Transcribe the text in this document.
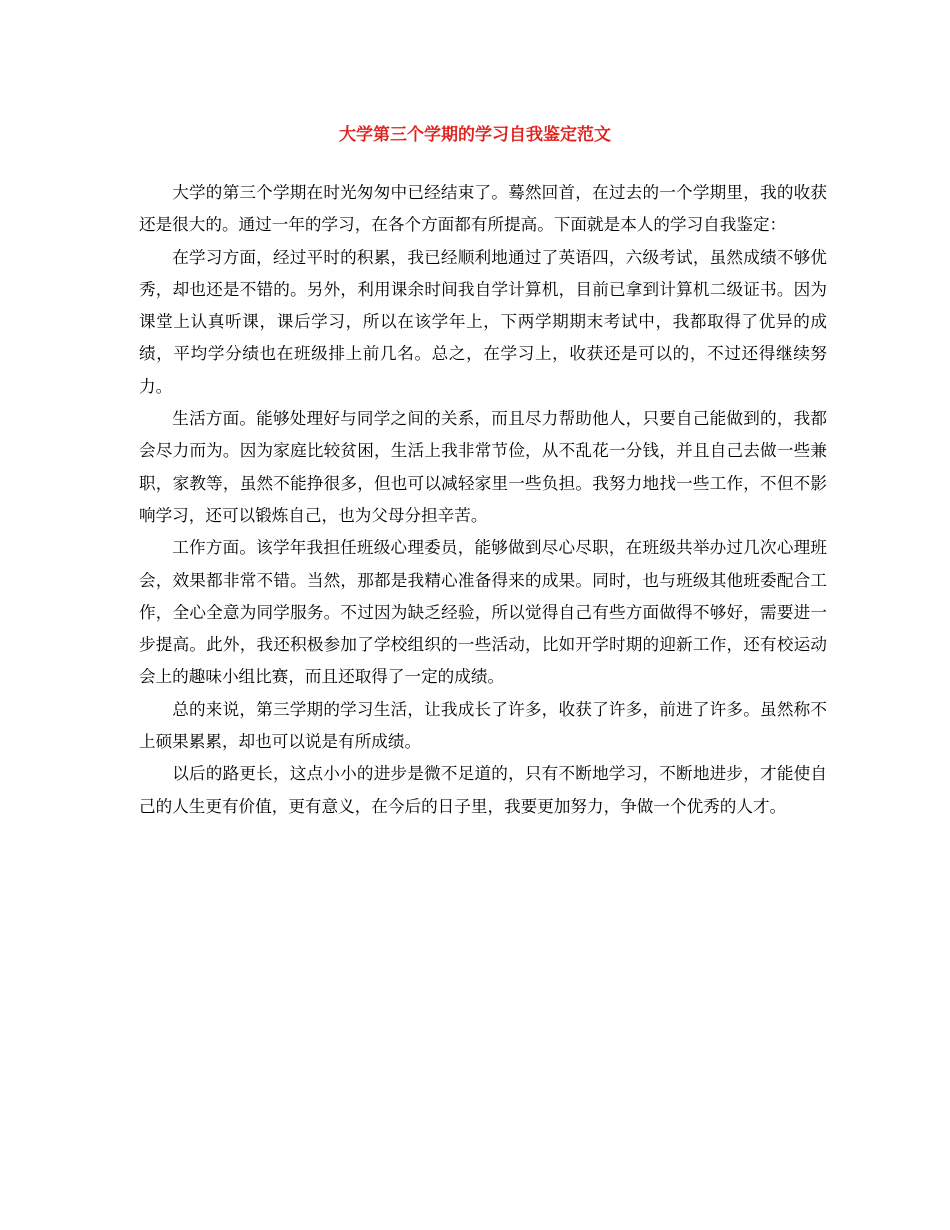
大学第三个学期的学习自我鉴定范文

大学的第三个学期在时光匆匆中已经结束了。蓦然回首，在过去的一个学期里，我的收获还是很大的。通过一年的学习，在各个方面都有所提高。下面就是本人的学习自我鉴定：

在学习方面，经过平时的积累，我已经顺利地通过了英语四，六级考试，虽然成绩不够优秀，却也还是不错的。另外，利用课余时间我自学计算机，目前已拿到计算机二级证书。因为课堂上认真听课，课后学习，所以在该学年上，下两学期期末考试中，我都取得了优异的成绩，平均学分绩也在班级排上前几名。总之，在学习上，收获还是可以的，不过还得继续努力。

生活方面。能够处理好与同学之间的关系，而且尽力帮助他人，只要自己能做到的，我都会尽力而为。因为家庭比较贫困，生活上我非常节俭，从不乱花一分钱，并且自己去做一些兼职，家教等，虽然不能挣很多，但也可以减轻家里一些负担。我努力地找一些工作，不但不影响学习，还可以锻炼自己，也为父母分担辛苦。

工作方面。该学年我担任班级心理委员，能够做到尽心尽职，在班级共举办过几次心理班会，效果都非常不错。当然，那都是我精心准备得来的成果。同时，也与班级其他班委配合工作，全心全意为同学服务。不过因为缺乏经验，所以觉得自己有些方面做得不够好，需要进一步提高。此外，我还积极参加了学校组织的一些活动，比如开学时期的迎新工作，还有校运动会上的趣味小组比赛，而且还取得了一定的成绩。

总的来说，第三学期的学习生活，让我成长了许多，收获了许多，前进了许多。虽然称不上硕果累累，却也可以说是有所成绩。

以后的路更长，这点小小的进步是微不足道的，只有不断地学习，不断地进步，才能使自己的人生更有价值，更有意义，在今后的日子里，我要更加努力，争做一个优秀的人才。
